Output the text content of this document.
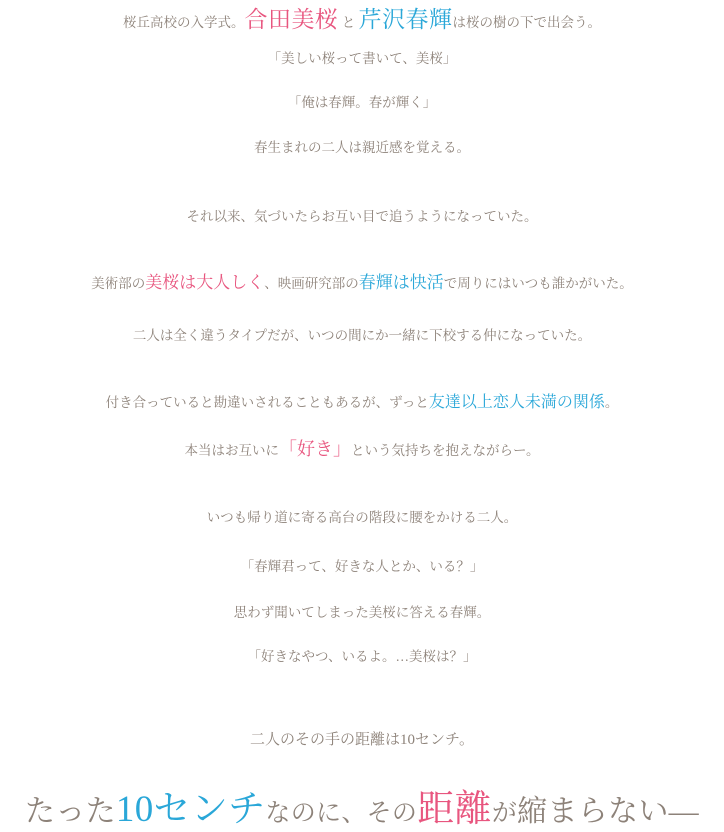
桜丘高校の入学式。合田美桜 と 芹沢春輝は桜の樹の下で出会う。
「美しい桜って書いて、美桜」
「俺は春輝。春が輝く」
春生まれの二人は親近感を覚える。
それ以来、気づいたらお互い目で追うようになっていた。
美術部の美桜は大人しく、映画研究部の春輝は快活で周りにはいつも誰かがいた。
二人は全く違うタイプだが、いつの間にか一緒に下校する仲になっていた。
付き合っていると勘違いされることもあるが、ずっと友達以上恋人未満の関係。
本当はお互いに「好き」という気持ちを抱えながらー。
いつも帰り道に寄る高台の階段に腰をかける二人。
「春輝君って、好きな人とか、いる？」
思わず聞いてしまった美桜に答える春輝。
「好きなやつ、いるよ。…美桜は？」
二人のその手の距離は10センチ。
たった10センチなのに、その距離が縮まらない―
